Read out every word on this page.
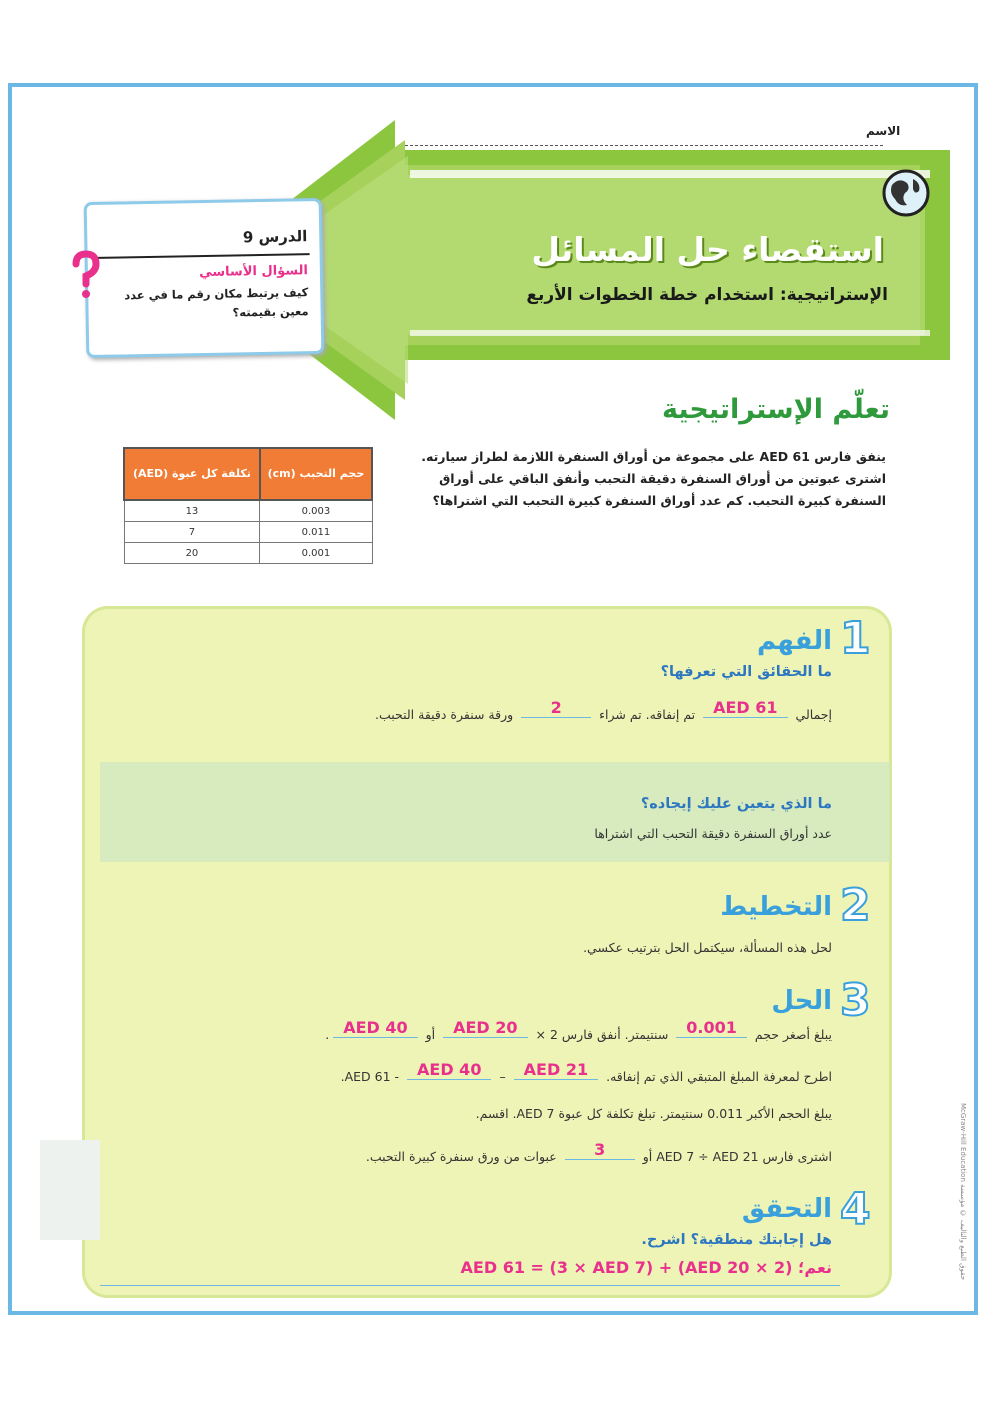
الاسم
استقصاء حل المسائل
الإستراتيجية: استخدام خطة الخطوات الأربع
الدرس 9
السؤال الأساسي
كيف يرتبط مكان رقم ما في عدد معين بقيمته؟
تعلّم الإستراتيجية
ينفق فارس 61 AED على مجموعة من أوراق السنفرة اللازمة لطراز سيارته. اشترى عبوتين من أوراق السنفرة دقيقة التحبب وأنفق الباقي على أوراق السنفرة كبيرة التحبب. كم عدد أوراق السنفرة كبيرة التحبب التي اشتراها؟
حجم التحبب (cm)	تكلفة كل عبوة (AED)
0.003	13
0.011	7
0.001	20
حقوق الطبع والتأليف © مؤسسة McGraw-Hill Education
1
الفهم
ما الحقائق التي تعرفها؟
إجمالي AED 61 تم إنفاقه. تم شراء 2 ورقة سنفرة دقيقة التحبب.
ما الذي يتعين عليك إيجاده؟
عدد أوراق السنفرة دقيقة التحبب التي اشتراها
2
التخطيط
لحل هذه المسألة، سيكتمل الحل بترتيب عكسي.
3
الحل
يبلغ أصغر حجم 0.001 سنتيمتر. أنفق فارس 2 × AED 20 أو AED 40.
اطرح لمعرفة المبلغ المتبقي الذي تم إنفاقه. AED 21 – AED 40 - AED 61.
يبلغ الحجم الأكبر 0.011 سنتيمتر. تبلغ تكلفة كل عبوة AED 7. اقسم.
اشترى فارس AED 7 ÷ AED 21 أو 3 عبوات من ورق سنفرة كبيرة التحبب.
4
التحقق
هل إجابتك منطقية؟ اشرح.
نعم؛ (2 × AED 20) + (3 × AED 7) = AED 61
